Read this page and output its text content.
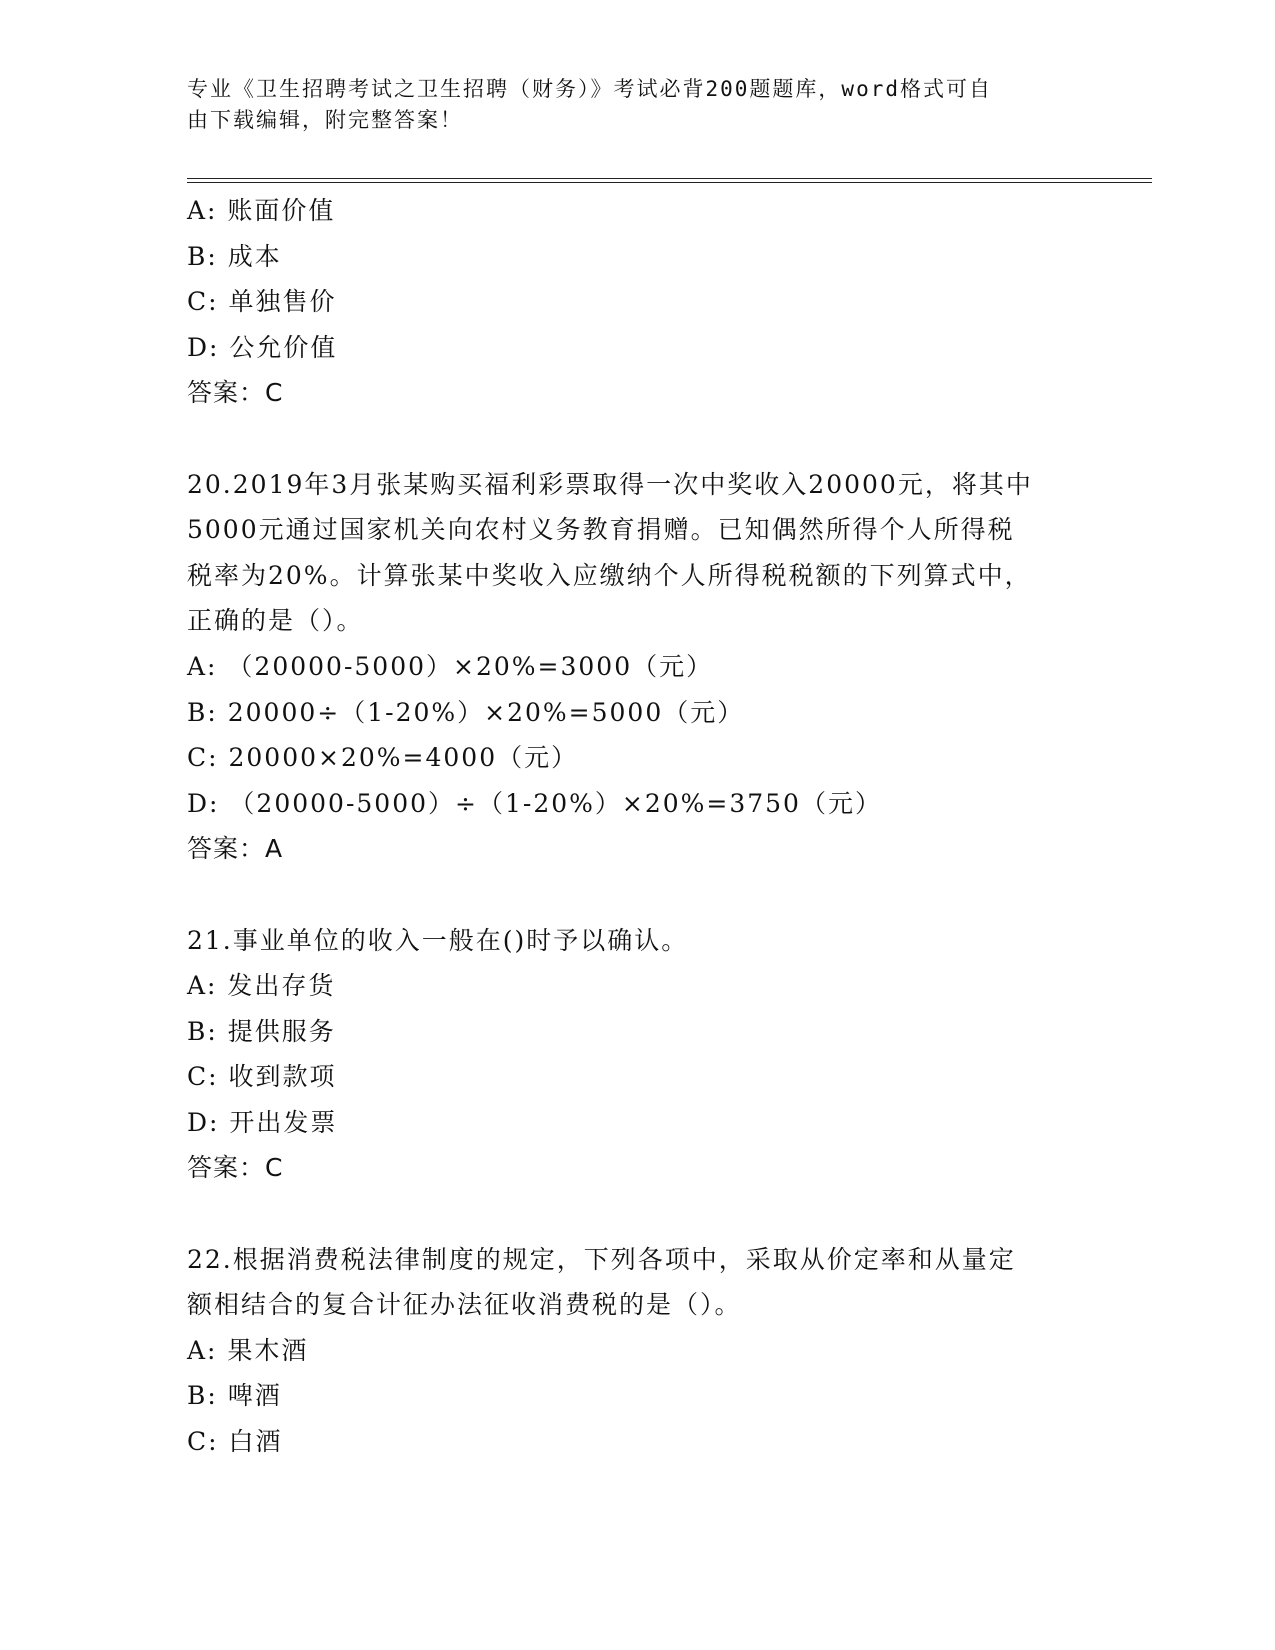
专业《卫生招聘考试之卫生招聘（财务）》考试必背200题题库，word格式可自
由下载编辑，附完整答案！
A: 账面价值
B: 成本
C: 单独售价
D: 公允价值
答案：C
20.2019年3月张某购买福利彩票取得一次中奖收入20000元，将其中
5000元通过国家机关向农村义务教育捐赠。已知偶然所得个人所得税
税率为20%。计算张某中奖收入应缴纳个人所得税税额的下列算式中，
正确的是（）。
A: （20000-5000）×20%=3000（元）
B: 20000÷（1-20%）×20%=5000（元）
C: 20000×20%=4000（元）
D: （20000-5000）÷（1-20%）×20%=3750（元）
答案：A
21.事业单位的收入一般在()时予以确认。
A: 发出存货
B: 提供服务
C: 收到款项
D: 开出发票
答案：C
22.根据消费税法律制度的规定，下列各项中，采取从价定率和从量定
额相结合的复合计征办法征收消费税的是（）。
A: 果木酒
B: 啤酒
C: 白酒
